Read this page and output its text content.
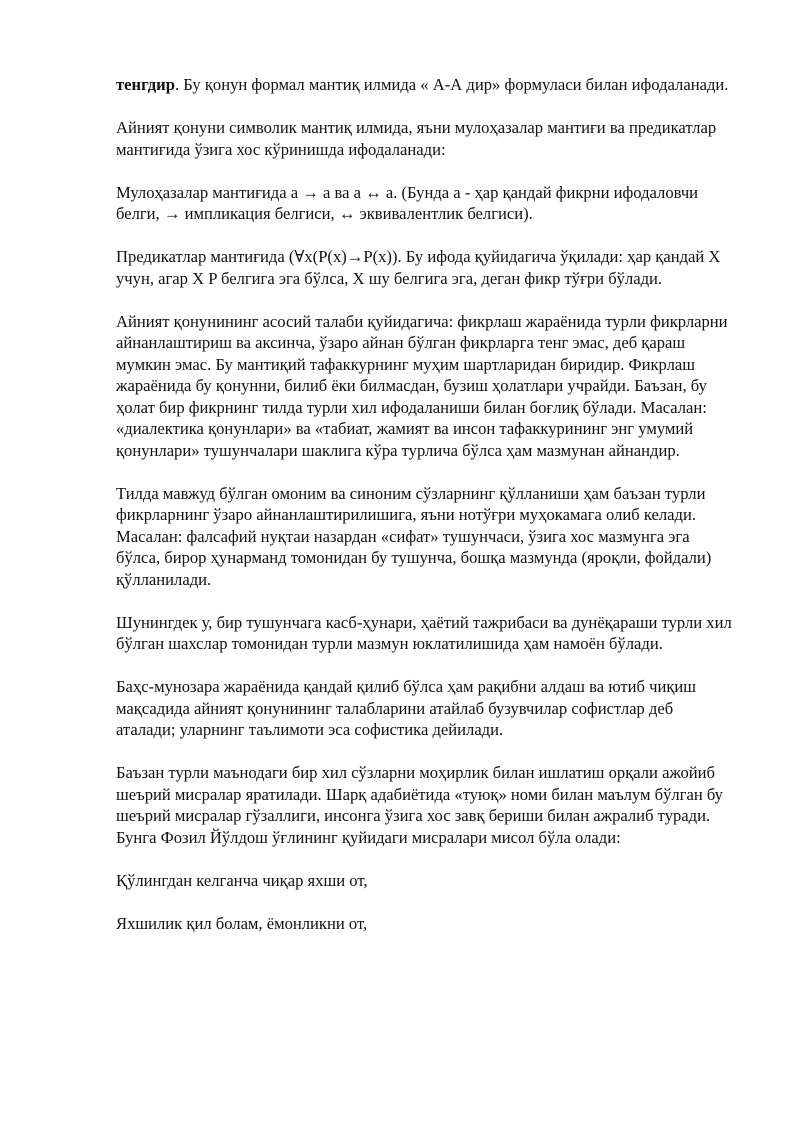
тенгдир. Бу қонун формал мантиқ илмида « А-А дир» формуласи билан ифодаланади.

Айният қонуни символик мантиқ илмида, яъни мулоҳазалар мантиғи ва предикатлар мантиғида ўзига хос кўринишда ифодаланади:

Мулоҳазалар мантиғида а → а ва а ↔ а. (Бунда а - ҳар қандай фикрни ифодаловчи белги, → импликация белгиси, ↔ эквивалентлик белгиси).

Предикатлар мантиғида (∀x(P(x)→P(x)). Бу ифода қуйидагича ўқилади: ҳар қандай X учун, агар X P белгига эга бўлса, X шу белгига эга, деган фикр тўғри бўлади.

Айният қонунининг асосий талаби қуйидагича: фикрлаш жараёнида турли фикрларни айнанлаштириш ва аксинча, ўзаро айнан бўлган фикрларга тенг эмас, деб қараш мумкин эмас. Бу мантиқий тафаккурнинг муҳим шартларидан биридир. Фикрлаш жараёнида бу қонунни, билиб ёки билмасдан, бузиш ҳолатлари учрайди. Баъзан, бу ҳолат бир фикрнинг тилда турли хил ифодаланиши билан боғлиқ бўлади. Масалан: «диалектика қонунлари» ва «табиат, жамият ва инсон тафаккурининг энг умумий қонунлари» тушунчалари шаклига кўра турлича бўлса ҳам мазмунан айнандир.

Тилда мавжуд бўлган омоним ва синоним сўзларнинг қўлланиши ҳам баъзан турли фикрларнинг ўзаро айнанлаштирилишига, яъни нотўғри муҳокамага олиб келади. Масалан: фалсафий нуқтаи назардан «сифат» тушунчаси, ўзига хос мазмунга эга бўлса, бирор ҳунарманд томонидан бу тушунча, бошқа мазмунда (яроқли, фойдали) қўлланилади.

Шунингдек у, бир тушунчага касб-ҳунари, ҳаётий тажрибаси ва дунёқараши турли хил бўлган шахслар томонидан турли мазмун юклатилишида ҳам намоён бўлади.

Баҳс-мунозара жараёнида қандай қилиб бўлса ҳам рақибни алдаш ва ютиб чиқиш мақсадида айният қонунининг талабларини атайлаб бузувчилар софистлар деб аталади; уларнинг таълимоти эса софистика дейилади.

Баъзан турли маънодаги бир хил сўзларни моҳирлик билан ишлатиш орқали ажойиб шеърий мисралар яратилади. Шарқ адабиётида «туюқ» номи билан маълум бўлган бу шеърий мисралар гўзаллиги, инсонга ўзига хос завқ бериши билан ажралиб туради. Бунга Фозил Йўлдош ўғлининг қуйидаги мисралари мисол бўла олади:

Қўлингдан келганча чиқар яхши от,

Яхшилик қил болам, ёмонликни от,
